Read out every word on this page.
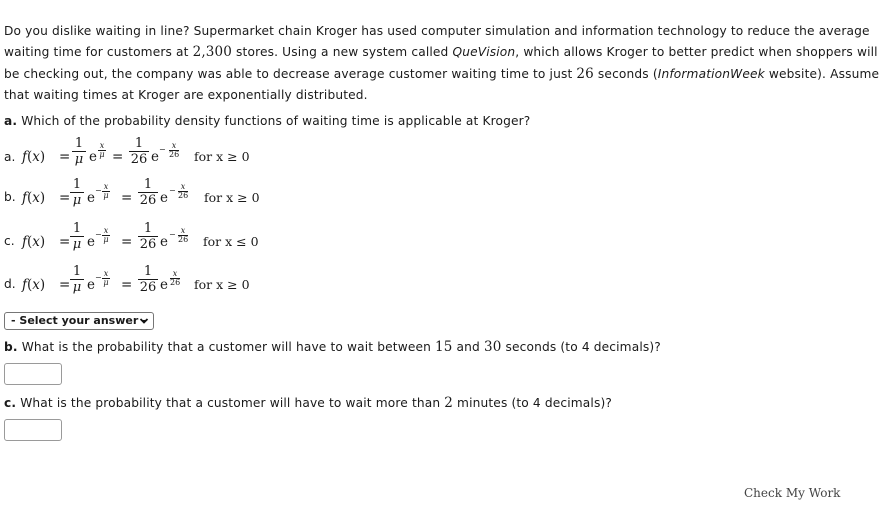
Do you dislike waiting in line? Supermarket chain Kroger has used computer simulation and information technology to reduce the average
waiting time for customers at 2,300 stores. Using a new system called QueVision, which allows Kroger to better predict when shoppers will
be checking out, the company was able to decrease average customer waiting time to just 26 seconds (InformationWeek website). Assume
that waiting times at Kroger are exponentially distributed.
a. Which of the probability density functions of waiting time is applicable at Kroger?
a. $f(x) = \frac{1}{\mu}$ e
x
$\mu = \frac{1}{26}$ e
x
26
− for x ≥ 0
b. $f(x) = \frac{1}{\mu}$ e
x
μ
− = $\frac{1}{26}$ e
x
26
− for x ≥ 0
c. $f(x) = \frac{1}{\mu}$ e
x
μ
− = $\frac{1}{26}$ e
x
26
− for x ≤ 0
d. $f(x) = \frac{1}{\mu}$ e
x
μ
− = $\frac{1}{26}$ e
x
26 for x ≥ 0
- Select your answer -
b. What is the probability that a customer will have to wait between 15 and 30 seconds (to 4 decimals)?
c. What is the probability that a customer will have to wait more than 2 minutes (to 4 decimals)?
Check My Work
